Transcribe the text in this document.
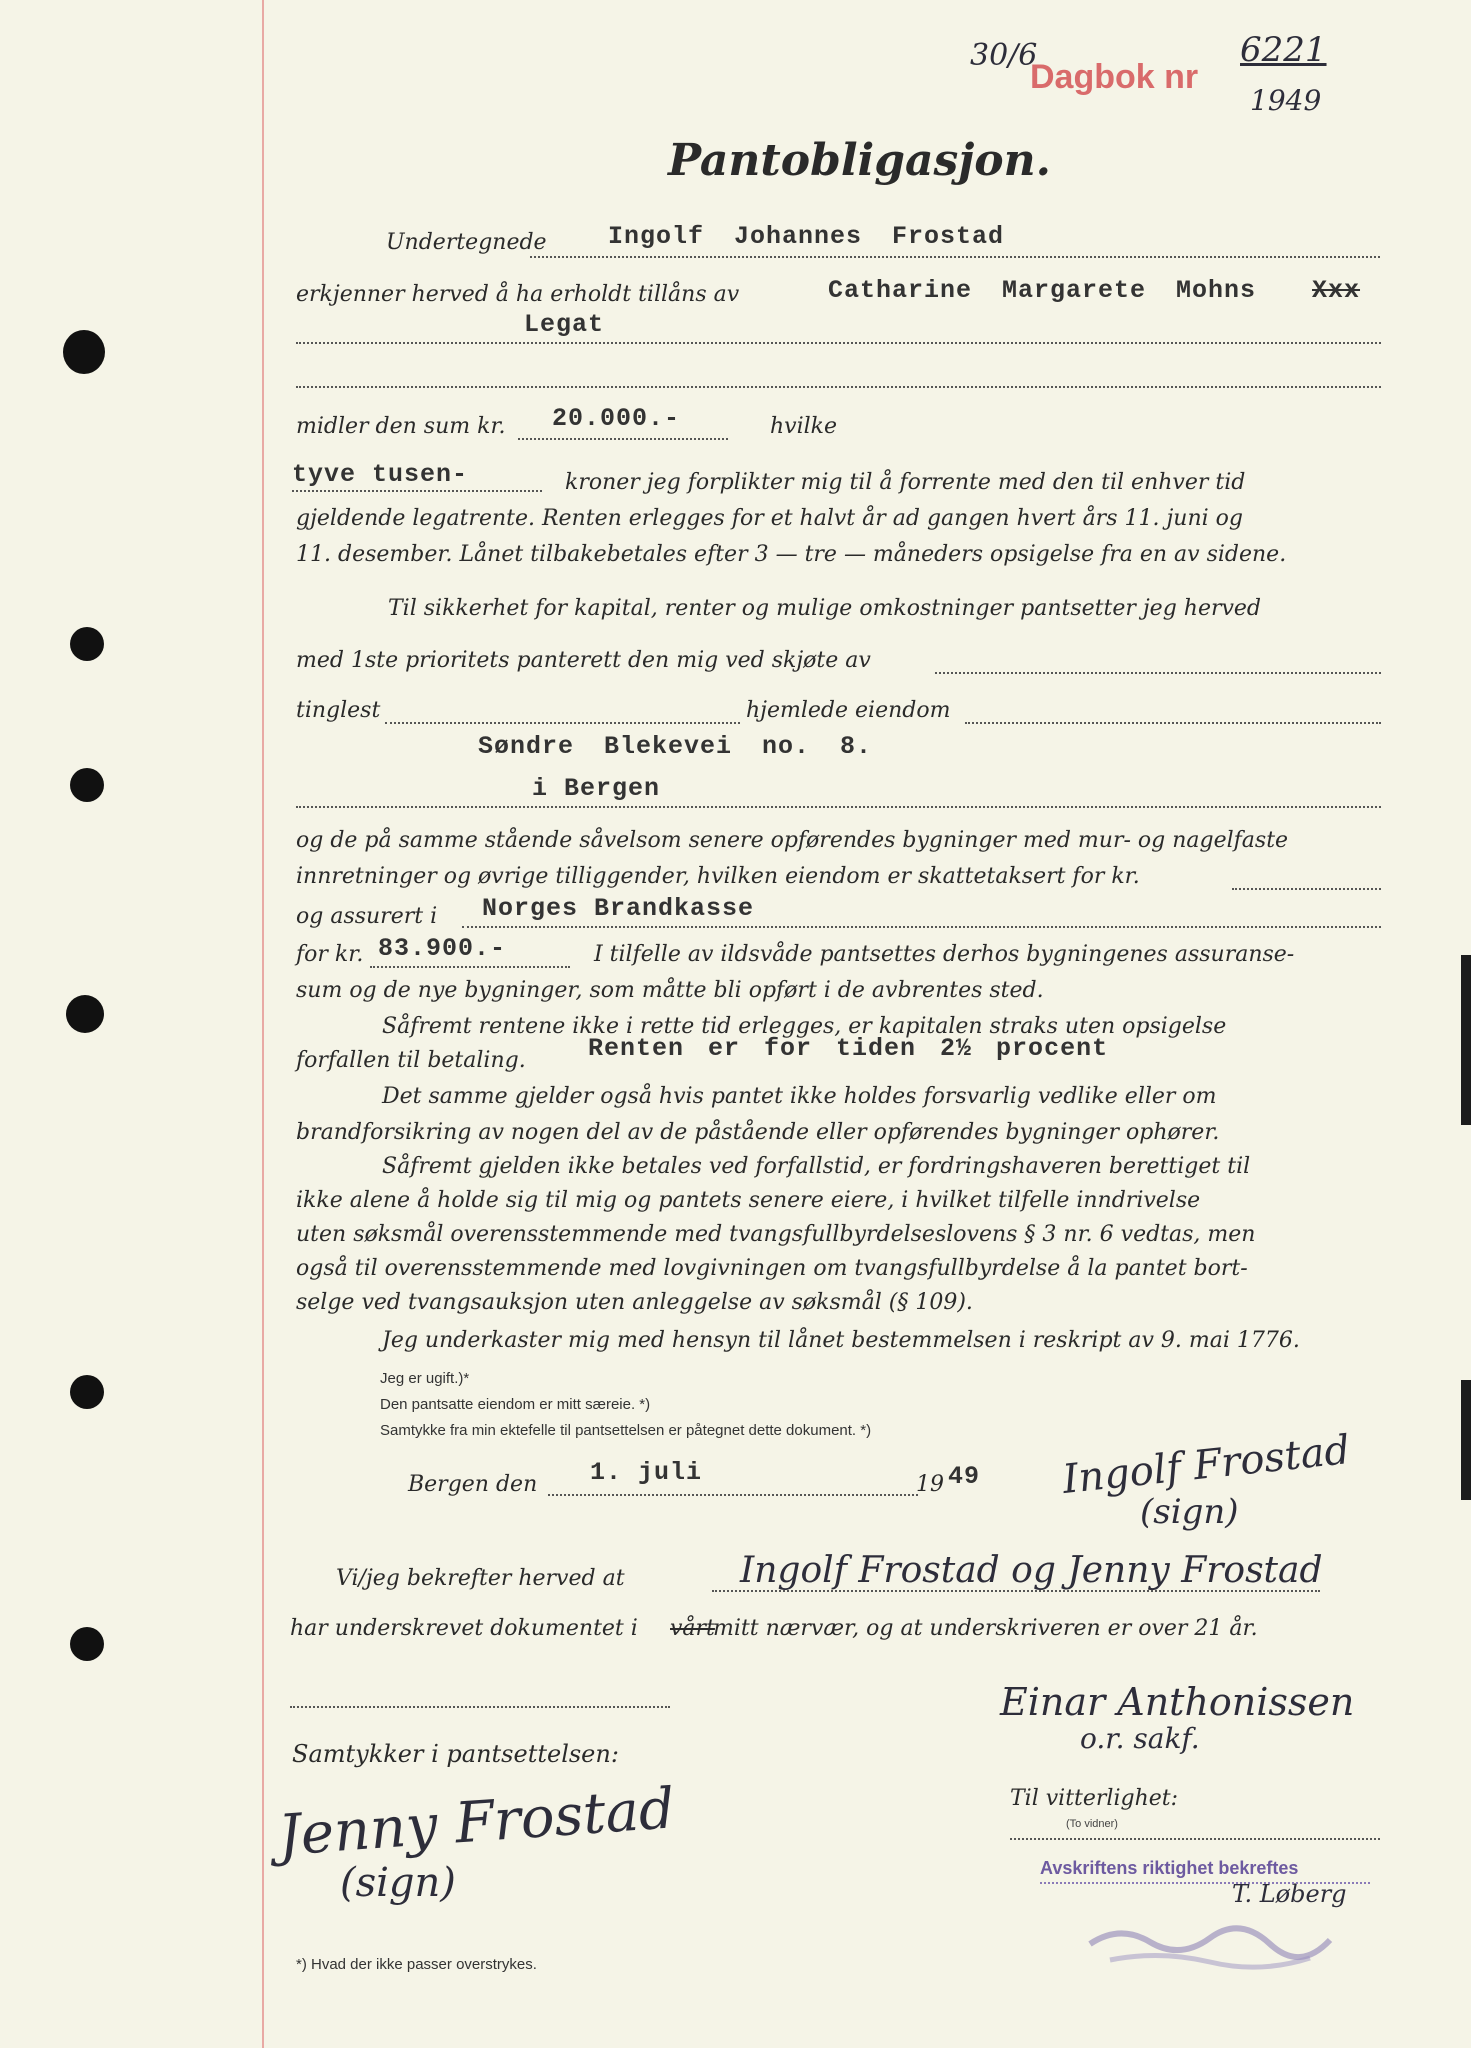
30/6
Dagbok nr
6221
1949
Pantobligasjon.
Undertegnede Ingolf Johannes Frostad
erkjenner herved å ha erholdt tillåns av	Catharine Margarete Mohns Xxx
Legat
midler den sum kr. 20.000.-	hvilke
tyve tusen-	kroner jeg forplikter mig til å forrente med den til enhver tid
gjeldende legatrente. Renten erlegges for et halvt år ad gangen hvert års 11. juni og
11. desember. Lånet tilbakebetales efter 3 — tre — måneders opsigelse fra en av sidene.
Til sikkerhet for kapital, renter og mulige omkostninger pantsetter jeg herved
med 1ste prioritets panterett den mig ved skjøte av
tinglest	hjemlede eiendom
Søndre Blekevei no. 8.
i Bergen
og de på samme stående såvelsom senere opførendes bygninger med mur- og nagelfaste
innretninger og øvrige tilliggender, hvilken eiendom er skattetaksert for kr.
og assurert i Norges Brandkasse
for kr. 83.900.-	I tilfelle av ildsvåde pantsettes derhos bygningenes assuranse-
sum og de nye bygninger, som måtte bli opført i de avbrentes sted.
Såfremt rentene ikke i rette tid erlegges, er kapitalen straks uten opsigelse
forfallen til betaling. Renten er for tiden 2½ procent
Det samme gjelder også hvis pantet ikke holdes forsvarlig vedlike eller om
brandforsikring av nogen del av de påstående eller opførendes bygninger ophører.
Såfremt gjelden ikke betales ved forfallstid, er fordringshaveren berettiget til
ikke alene å holde sig til mig og pantets senere eiere, i hvilket tilfelle inndrivelse
uten søksmål overensstemmende med tvangsfullbyrdelseslovens § 3 nr. 6 vedtas, men
også til overensstemmende med lovgivningen om tvangsfullbyrdelse å la pantet bort-
selge ved tvangsauksjon uten anleggelse av søksmål (§ 109).
Jeg underkaster mig med hensyn til lånet bestemmelsen i reskript av 9. mai 1776.
Jeg er ugift.)*
Den pantsatte eiendom er mitt særeie. *)
Samtykke fra min ektefelle til pantsettelsen er påtegnet dette dokument. *)
Bergen den 1. juli	19 49 Ingolf Frostad
(sign)
Vi/jeg bekrefter herved at	Ingolf Frostad og Jenny Frostad
har underskrevet dokumentet i vårt
mitt nærvær, og at underskriveren er over 21 år.
Einar Anthonissen
o.r. sakf.
Samtykker i pantsettelsen:
Jenny Frostad
(sign)
Til vitterlighet:
(To vidner)
Avskriftens riktighet bekreftes
T. Løberg
*) Hvad der ikke passer overstrykes.
